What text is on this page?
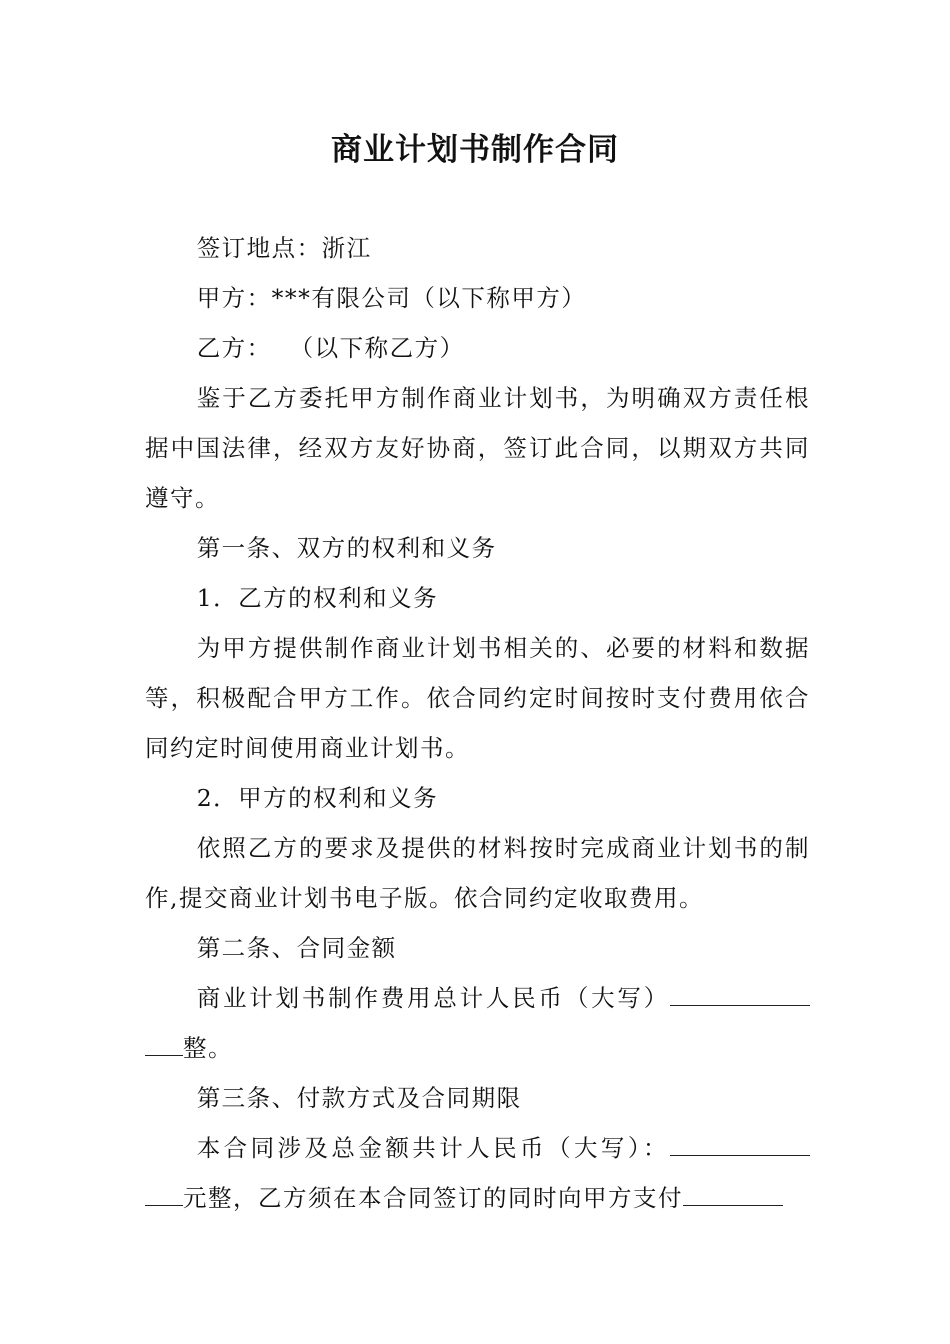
商业计划书制作合同

签订地点：浙江

甲方：***有限公司（以下称甲方）

乙方：  （以下称乙方）

鉴于乙方委托甲方制作商业计划书，为明确双方责任根据中国法律，经双方友好协商，签订此合同，以期双方共同遵守。

第一条、双方的权利和义务

1．乙方的权利和义务

为甲方提供制作商业计划书相关的、必要的材料和数据等，积极配合甲方工作。依合同约定时间按时支付费用依合同约定时间使用商业计划书。

2．甲方的权利和义务

依照乙方的要求及提供的材料按时完成商业计划书的制作,提交商业计划书电子版。依合同约定收取费用。

第二条、合同金额

商业计划书制作费用总计人民币（大写）整。

第三条、付款方式及合同期限

本合同涉及总金额共计人民币（大写）：元整，乙方须在本合同签订的同时向甲方支付
